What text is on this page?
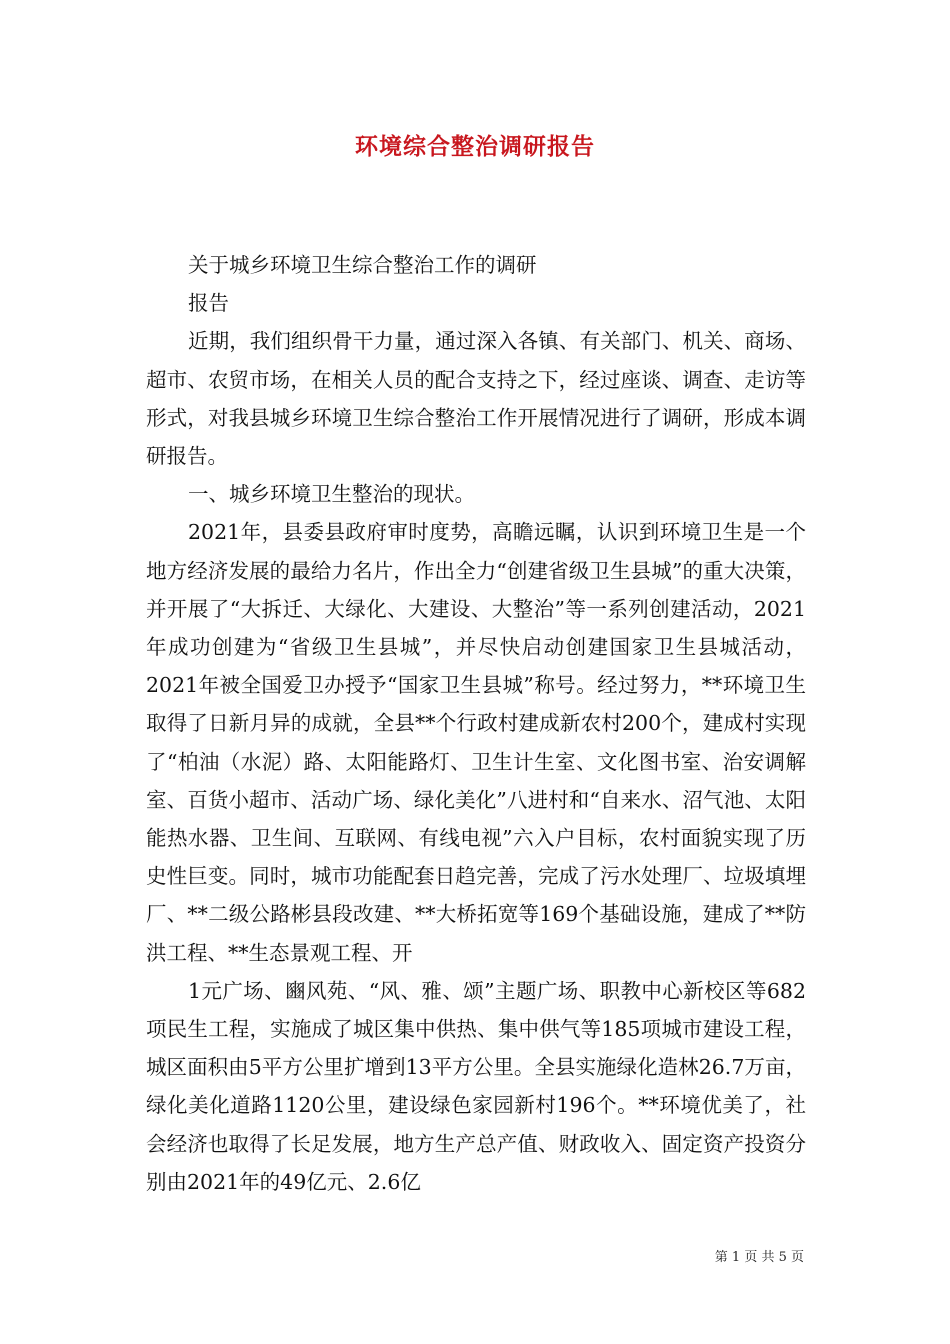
环境综合整治调研报告

关于城乡环境卫生综合整治工作的调研

报告

近期，我们组织骨干力量，通过深入各镇、有关部门、机关、商场、超市、农贸市场，在相关人员的配合支持之下，经过座谈、调查、走访等形式，对我县城乡环境卫生综合整治工作开展情况进行了调研，形成本调研报告。

一、城乡环境卫生整治的现状。

2021年，县委县政府审时度势，高瞻远瞩，认识到环境卫生是一个地方经济发展的最给力名片，作出全力“创建省级卫生县城”的重大决策，并开展了“大拆迁、大绿化、大建设、大整治”等一系列创建活动，2021年成功创建为“省级卫生县城”，并尽快启动创建国家卫生县城活动，2021年被全国爱卫办授予“国家卫生县城”称号。经过努力，**环境卫生取得了日新月异的成就，全县**个行政村建成新农村200个，建成村实现了“柏油（水泥）路、太阳能路灯、卫生计生室、文化图书室、治安调解室、百货小超市、活动广场、绿化美化”八进村和“自来水、沼气池、太阳能热水器、卫生间、互联网、有线电视”六入户目标，农村面貌实现了历史性巨变。同时，城市功能配套日趋完善，完成了污水处理厂、垃圾填埋厂、**二级公路彬县段改建、**大桥拓宽等169个基础设施，建成了**防洪工程、**生态景观工程、开

1元广场、豳风苑、“风、雅、颂”主题广场、职教中心新校区等682项民生工程，实施成了城区集中供热、集中供气等185项城市建设工程，城区面积由5平方公里扩增到13平方公里。全县实施绿化造林26.7万亩，绿化美化道路1120公里，建设绿色家园新村196个。**环境优美了，社会经济也取得了长足发展，地方生产总产值、财政收入、固定资产投资分别由2021年的49亿元、2.6亿

第 1 页 共 5 页
